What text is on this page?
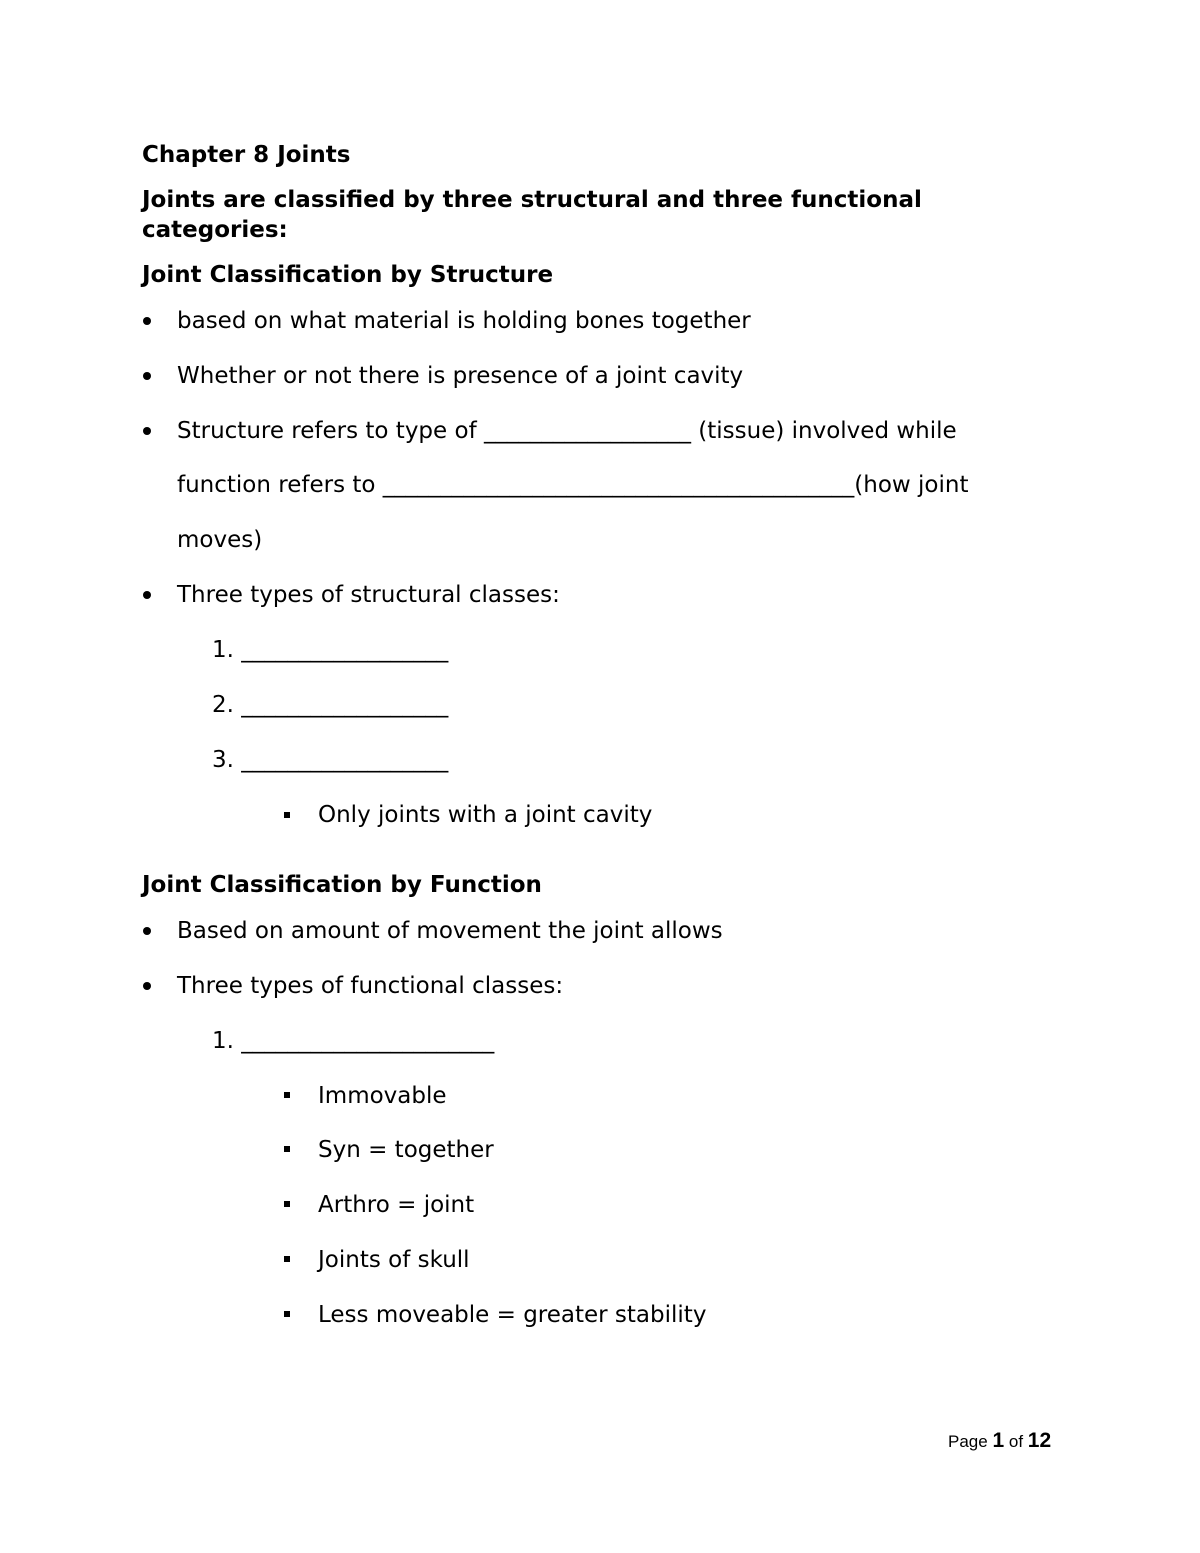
Chapter 8 Joints
Joints are classified by three structural and three functional
categories:
Joint Classification by Structure
based on what material is holding bones together
Whether or not there is presence of a joint cavity
Structure refers to type of __________________ (tissue) involved while
function refers to _________________________________________(how joint
moves)
Three types of structural classes:
1. __________________
2. __________________
3. __________________
Only joints with a joint cavity
Joint Classification by Function
Based on amount of movement the joint allows
Three types of functional classes:
1. ______________________
Immovable
Syn = together
Arthro = joint
Joints of skull
Less moveable = greater stability
Page 1 of 12
